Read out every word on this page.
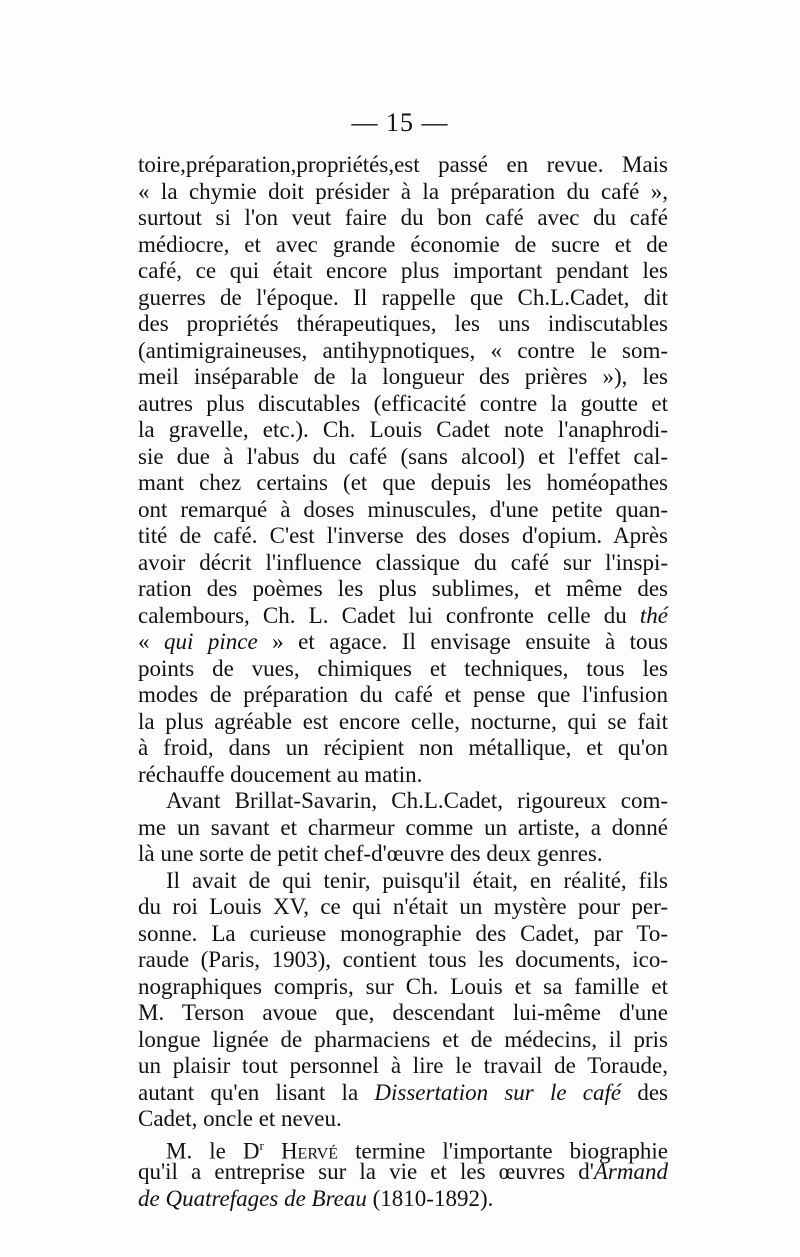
— 15 —
toire,préparation,propriétés,est passé en revue. Mais
« la chymie doit présider à la préparation du café »,
surtout si l'on veut faire du bon café avec du café
médiocre, et avec grande économie de sucre et de
café, ce qui était encore plus important pendant les
guerres de l'époque. Il rappelle que Ch.L.Cadet, dit
des propriétés thérapeutiques, les uns indiscutables
(antimigraineuses, antihypnotiques, « contre le som-
meil inséparable de la longueur des prières »), les
autres plus discutables (efficacité contre la goutte et
la gravelle, etc.). Ch. Louis Cadet note l'anaphrodi-
sie due à l'abus du café (sans alcool) et l'effet cal-
mant chez certains (et que depuis les homéopathes
ont remarqué à doses minuscules, d'une petite quan-
tité de café. C'est l'inverse des doses d'opium. Après
avoir décrit l'influence classique du café sur l'inspi-
ration des poèmes les plus sublimes, et même des
calembours, Ch. L. Cadet lui confronte celle du thé
« qui pince » et agace. Il envisage ensuite à tous
points de vues, chimiques et techniques, tous les
modes de préparation du café et pense que l'infusion
la plus agréable est encore celle, nocturne, qui se fait
à froid, dans un récipient non métallique, et qu'on
réchauffe doucement au matin.
Avant Brillat-Savarin, Ch.L.Cadet, rigoureux com-
me un savant et charmeur comme un artiste, a donné
là une sorte de petit chef-d'œuvre des deux genres.
Il avait de qui tenir, puisqu'il était, en réalité, fils
du roi Louis XV, ce qui n'était un mystère pour per-
sonne. La curieuse monographie des Cadet, par To-
raude (Paris, 1903), contient tous les documents, ico-
nographiques compris, sur Ch. Louis et sa famille et
M. Terson avoue que, descendant lui-même d'une
longue lignée de pharmaciens et de médecins, il pris
un plaisir tout personnel à lire le travail de Toraude,
autant qu'en lisant la Dissertation sur le café des
Cadet, oncle et neveu.
M. le $D^r$ Hervé termine l'importante biographie
qu'il a entreprise sur la vie et les œuvres d'Armand
de Quatrefages de Breau (1810-1892).
